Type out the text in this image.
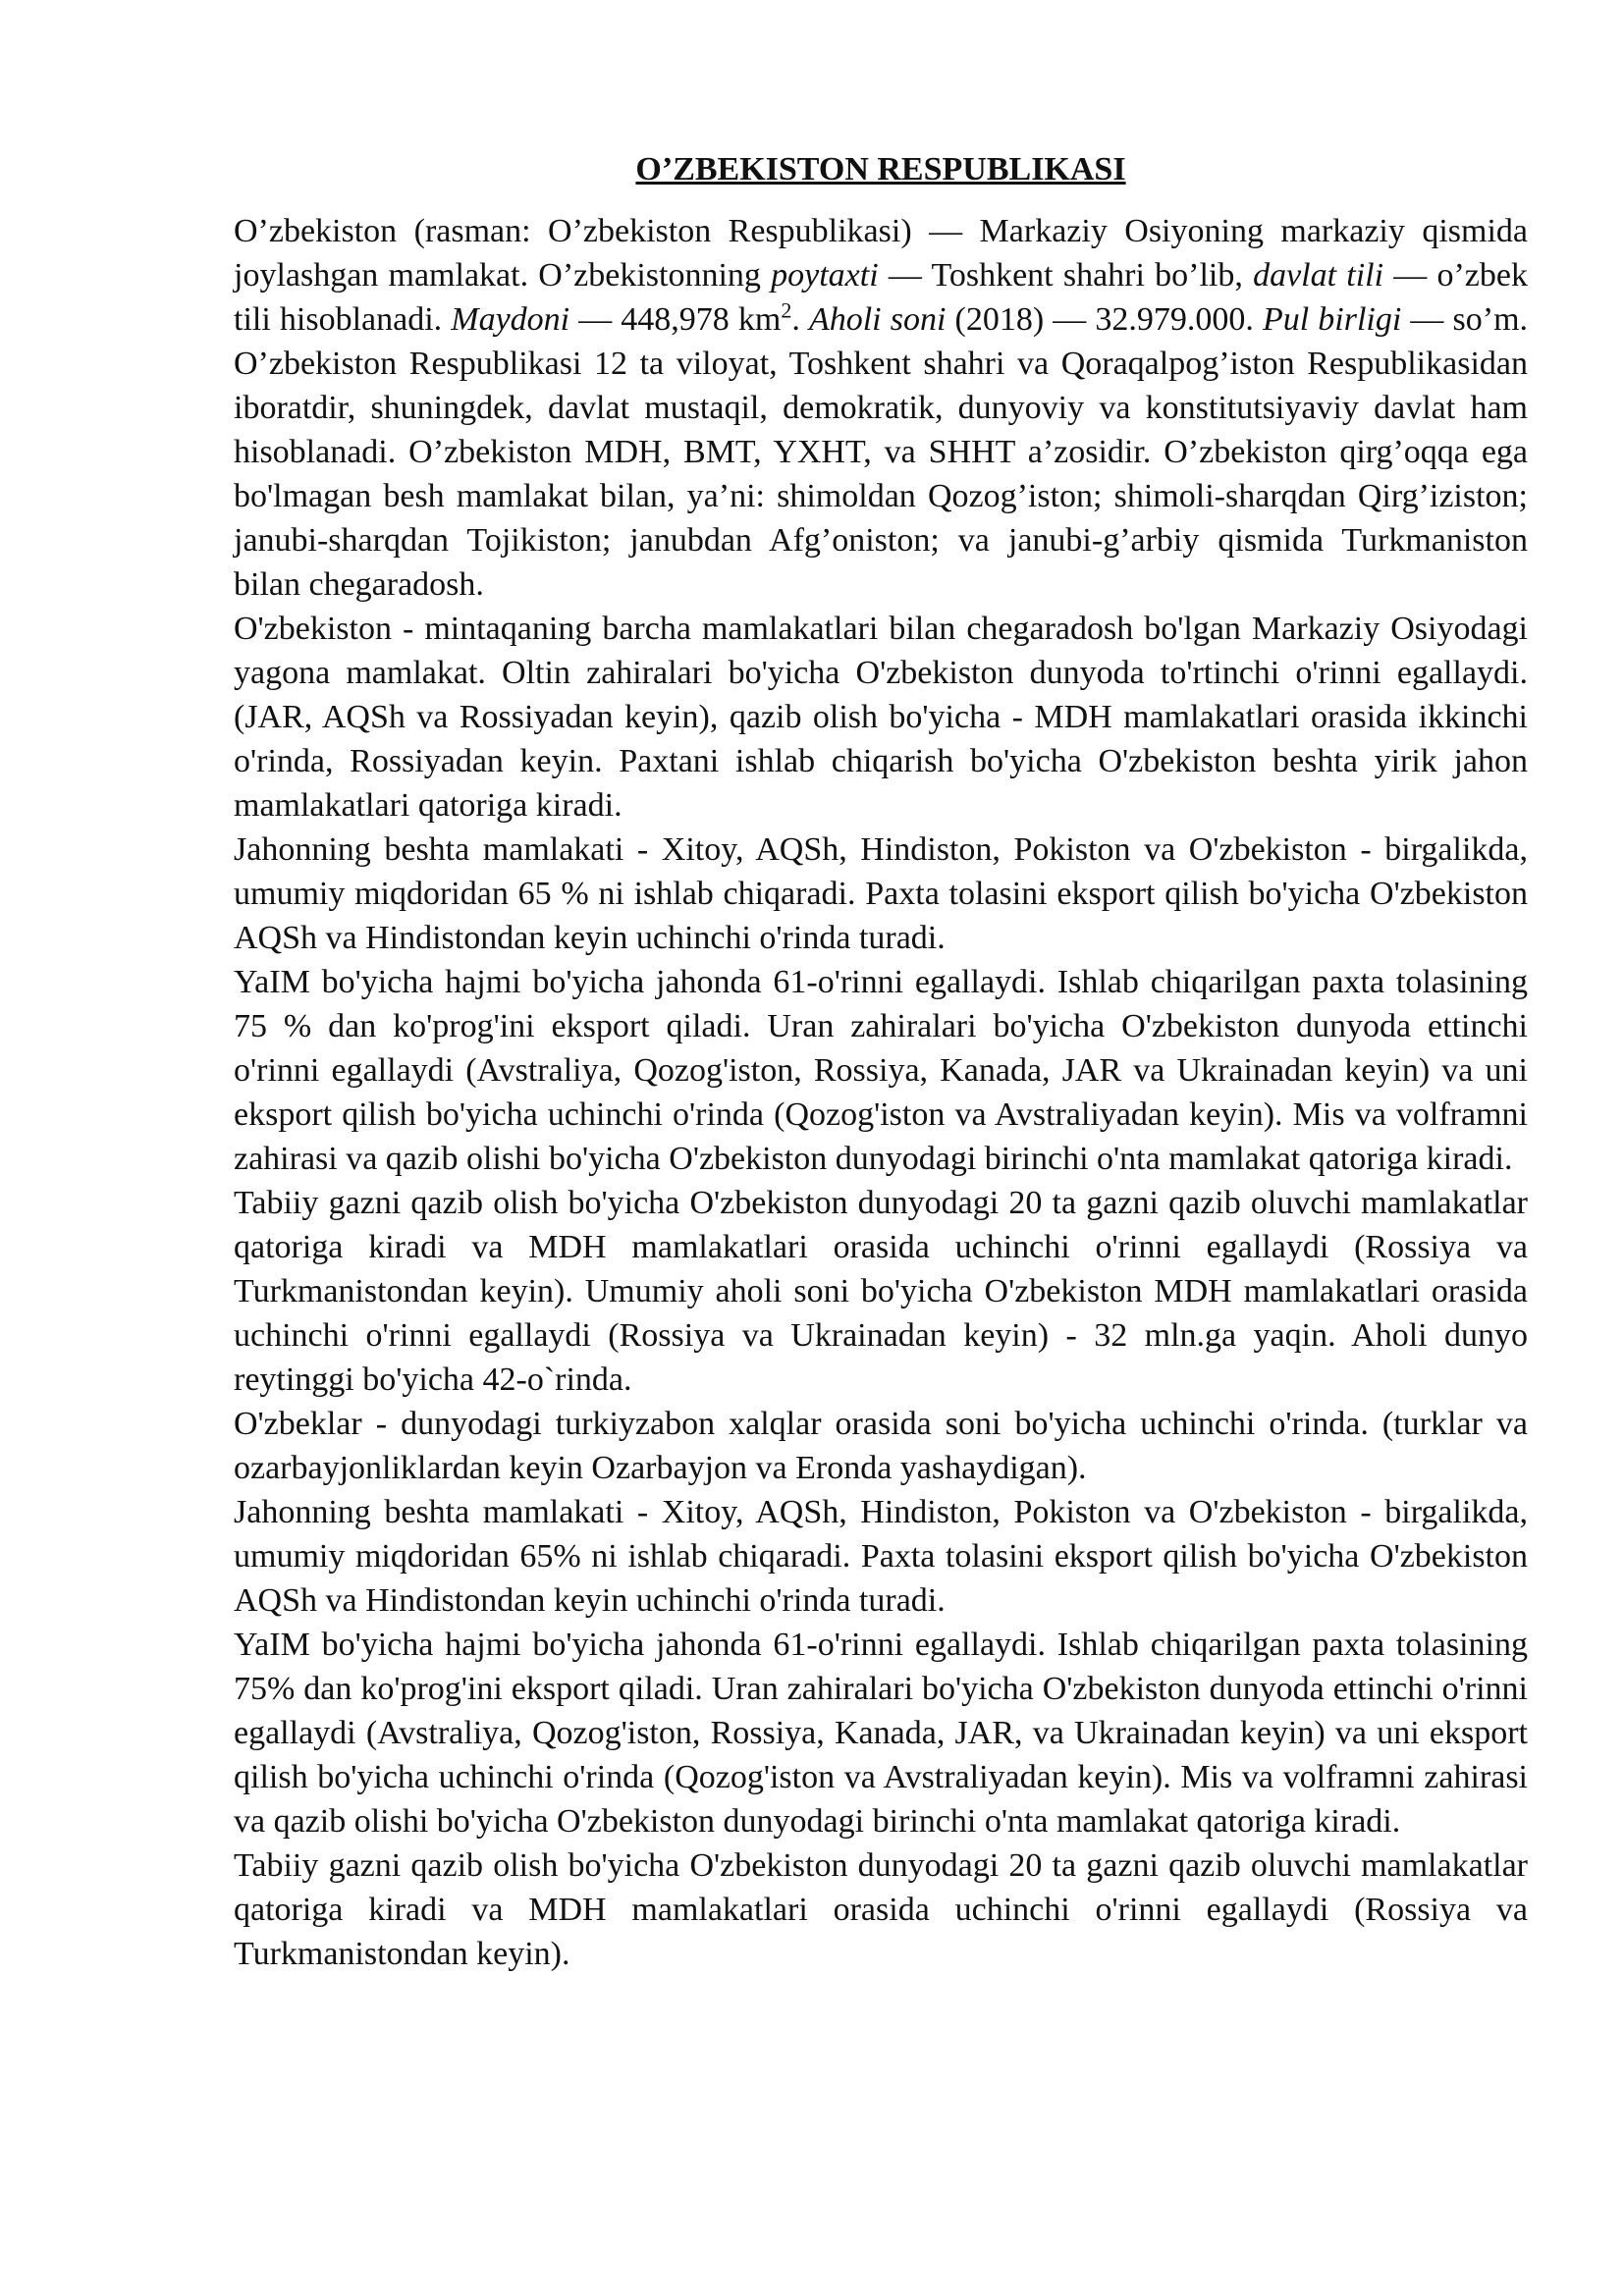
O’ZBEKISTON RESPUBLIKASI

O’zbekiston (rasman: O’zbekiston Respublikasi) — Markaziy Osiyoning markaziy qismida joylashgan mamlakat. O’zbekistonning poytaxti — Toshkent shahri bo’lib, davlat tili — o’zbek tili hisoblanadi. Maydoni — 448,978 $km^2$. Aholi soni (2018) — 32.979.000. Pul birligi — so’m. O’zbekiston Respublikasi 12 ta viloyat, Toshkent shahri va Qoraqalpog’iston Respublikasidan iboratdir, shuningdek, davlat mustaqil, demokratik, dunyoviy va konstitutsiyaviy davlat ham hisoblanadi. O’zbekiston MDH, BMT, YXHT, va SHHT a’zosidir. O’zbekiston qirg’oqqa ega bo'lmagan besh mamlakat bilan, ya’ni: shimoldan Qozog’iston; shimoli-sharqdan Qirg’iziston; janubi-sharqdan Tojikiston; janubdan Afg’oniston; va janubi-g’arbiy qismida Turkmaniston bilan chegaradosh.

O'zbekiston - mintaqaning barcha mamlakatlari bilan chegaradosh bo'lgan Markaziy Osiyodagi yagona mamlakat. Oltin zahiralari bo'yicha O'zbekiston dunyoda to'rtinchi o'rinni egallaydi. (JAR, AQSh va Rossiyadan keyin), qazib olish bo'yicha - MDH mamlakatlari orasida ikkinchi o'rinda, Rossiyadan keyin. Paxtani ishlab chiqarish bo'yicha O'zbekiston beshta yirik jahon mamlakatlari qatoriga kiradi.

Jahonning beshta mamlakati - Xitoy, AQSh, Hindiston, Pokiston va O'zbekiston - birgalikda, umumiy miqdoridan 65 % ni ishlab chiqaradi. Paxta tolasini eksport qilish bo'yicha O'zbekiston AQSh va Hindistondan keyin uchinchi o'rinda turadi.

YaIM bo'yicha hajmi bo'yicha jahonda 61-o'rinni egallaydi. Ishlab chiqarilgan paxta tolasining 75 % dan ko'prog'ini eksport qiladi. Uran zahiralari bo'yicha O'zbekiston dunyoda ettinchi o'rinni egallaydi (Avstraliya, Qozog'iston, Rossiya, Kanada, JAR va Ukrainadan keyin) va uni eksport qilish bo'yicha uchinchi o'rinda (Qozog'iston va Avstraliyadan keyin). Mis va volframni zahirasi va qazib olishi bo'yicha O'zbekiston dunyodagi birinchi o'nta mamlakat qatoriga kiradi.

Tabiiy gazni qazib olish bo'yicha O'zbekiston dunyodagi 20 ta gazni qazib oluvchi mamlakatlar qatoriga kiradi va MDH mamlakatlari orasida uchinchi o'rinni egallaydi (Rossiya va Turkmanistondan keyin). Umumiy aholi soni bo'yicha O'zbekiston MDH mamlakatlari orasida uchinchi o'rinni egallaydi (Rossiya va Ukrainadan keyin) - 32 mln.ga yaqin. Aholi dunyo reytinggi bo'yicha 42-o`rinda.

O'zbeklar - dunyodagi turkiyzabon xalqlar orasida soni bo'yicha uchinchi o'rinda. (turklar va ozarbayjonliklardan keyin Ozarbayjon va Eronda yashaydigan).

Jahonning beshta mamlakati - Xitoy, AQSh, Hindiston, Pokiston va O'zbekiston - birgalikda, umumiy miqdoridan 65% ni ishlab chiqaradi. Paxta tolasini eksport qilish bo'yicha O'zbekiston AQSh va Hindistondan keyin uchinchi o'rinda turadi.

YaIM bo'yicha hajmi bo'yicha jahonda 61-o'rinni egallaydi. Ishlab chiqarilgan paxta tolasining 75% dan ko'prog'ini eksport qiladi. Uran zahiralari bo'yicha O'zbekiston dunyoda ettinchi o'rinni egallaydi (Avstraliya, Qozog'iston, Rossiya, Kanada, JAR, va Ukrainadan keyin) va uni eksport qilish bo'yicha uchinchi o'rinda (Qozog'iston va Avstraliyadan keyin). Mis va volframni zahirasi va qazib olishi bo'yicha O'zbekiston dunyodagi birinchi o'nta mamlakat qatoriga kiradi.

Tabiiy gazni qazib olish bo'yicha O'zbekiston dunyodagi 20 ta gazni qazib oluvchi mamlakatlar qatoriga kiradi va MDH mamlakatlari orasida uchinchi o'rinni egallaydi (Rossiya va Turkmanistondan keyin).
